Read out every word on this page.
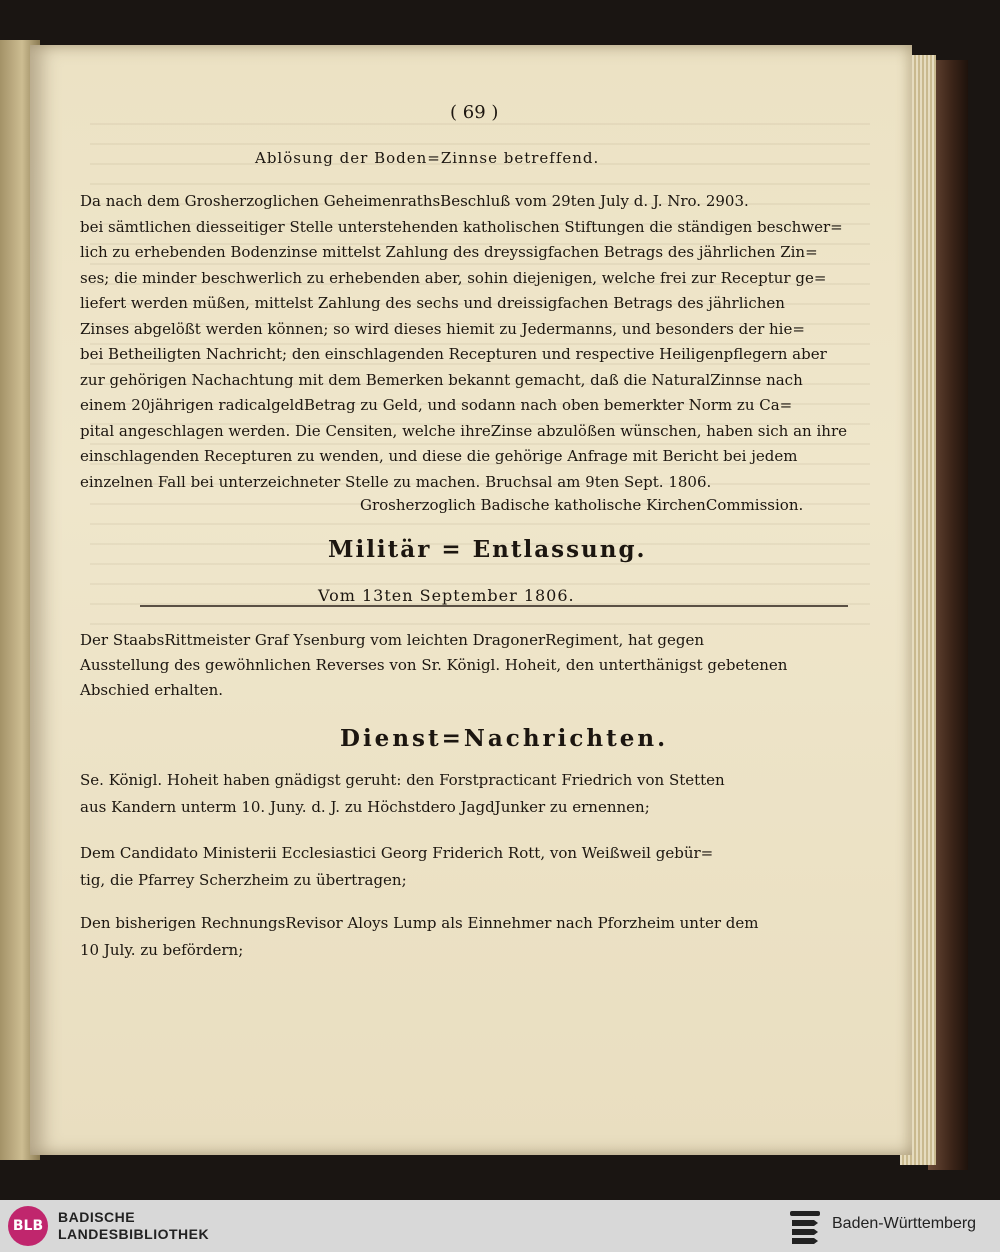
( 69 )
Ablösung der Boden=Zinnse betreffend.
Da nach dem Grosherzoglichen GeheimenrathsBeschluß vom 29ten July d. J. Nro. 2903.
bei sämtlichen diesseitiger Stelle unterstehenden katholischen Stiftungen die ständigen beschwer=
lich zu erhebenden Bodenzinse mittelst Zahlung des dreyssigfachen Betrags des jährlichen Zin=
ses; die minder beschwerlich zu erhebenden aber, sohin diejenigen, welche frei zur Receptur ge=
liefert werden müßen, mittelst Zahlung des sechs und dreissigfachen Betrags des jährlichen
Zinses abgelößt werden können; so wird dieses hiemit zu Jedermanns, und besonders der hie=
bei Betheiligten Nachricht; den einschlagenden Recepturen und respective Heiligenpflegern aber
zur gehörigen Nachachtung mit dem Bemerken bekannt gemacht, daß die NaturalZinnse nach
einem 20jährigen radicalgeldBetrag zu Geld, und sodann nach oben bemerkter Norm zu Ca=
pital angeschlagen werden. Die Censiten, welche ihreZinse abzulößen wünschen, haben sich an ihre
einschlagenden Recepturen zu wenden, und diese die gehörige Anfrage mit Bericht bei jedem
einzelnen Fall bei unterzeichneter Stelle zu machen. Bruchsal am 9ten Sept. 1806.
Grosherzoglich Badische katholische KirchenCommission.
Militär = Entlassung.
Vom 13ten September 1806.
Der StaabsRittmeister Graf Ysenburg vom leichten DragonerRegiment, hat gegen
Ausstellung des gewöhnlichen Reverses von Sr. Königl. Hoheit, den unterthänigst gebetenen
Abschied erhalten.
Dienst=Nachrichten.
Se. Königl. Hoheit haben gnädigst geruht: den Forstpracticant Friedrich von Stetten
aus Kandern unterm 10. Juny. d. J. zu Höchstdero JagdJunker zu ernennen;
Dem Candidato Ministerii Ecclesiastici Georg Friderich Rott, von Weißweil gebür=
tig, die Pfarrey Scherzheim zu übertragen;
Den bisherigen RechnungsRevisor Aloys Lump als Einnehmer nach Pforzheim unter dem
10 July. zu befördern;
BLB
BADISCHE
LANDESBIBLIOTHEK
Baden-Württemberg
